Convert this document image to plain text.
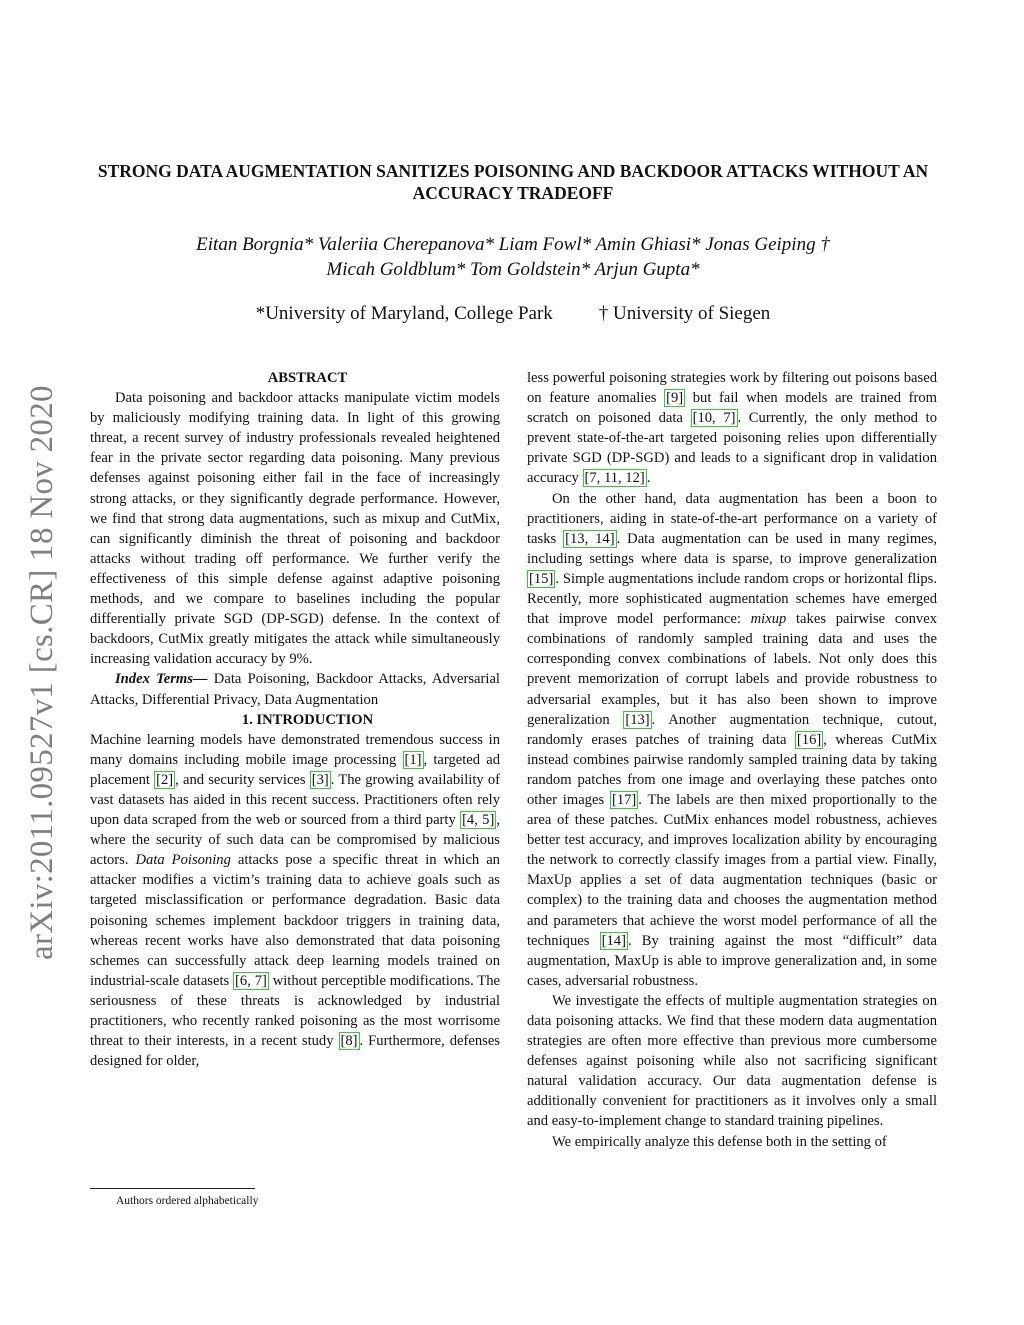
arXiv:2011.09527v1 [cs.CR] 18 Nov 2020
STRONG DATA AUGMENTATION SANITIZES POISONING AND BACKDOOR ATTACKS WITHOUT AN ACCURACY TRADEOFF
Eitan Borgnia* Valeriia Cherepanova* Liam Fowl* Amin Ghiasi* Jonas Geiping †
Micah Goldblum* Tom Goldstein* Arjun Gupta*
*University of Maryland, College Park † University of Siegen

ABSTRACT

Data poisoning and backdoor attacks manipulate victim models by maliciously modifying training data. In light of this growing threat, a recent survey of industry professionals revealed heightened fear in the private sector regarding data poisoning. Many previous defenses against poisoning either fail in the face of increasingly strong attacks, or they significantly degrade performance. However, we find that strong data augmentations, such as mixup and CutMix, can significantly diminish the threat of poisoning and backdoor attacks without trading off performance. We further verify the effectiveness of this simple defense against adaptive poisoning methods, and we compare to baselines including the popular differentially private SGD (DP-SGD) defense. In the context of backdoors, CutMix greatly mitigates the attack while simultaneously increasing validation accuracy by 9%.

Index Terms— Data Poisoning, Backdoor Attacks, Adversarial Attacks, Differential Privacy, Data Augmentation

1. INTRODUCTION

Machine learning models have demonstrated tremendous success in many domains including mobile image processing [1] , targeted ad placement [2] , and security services [3] . The growing availability of vast datasets has aided in this recent success. Practitioners often rely upon data scraped from the web or sourced from a third party [4, 5] , where the security of such data can be compromised by malicious actors. Data Poisoning attacks pose a specific threat in which an attacker modifies a victim’s training data to achieve goals such as targeted misclassification or performance degradation. Basic data poisoning schemes implement backdoor triggers in training data, whereas recent works have also demonstrated that data poisoning schemes can successfully attack deep learning models trained on industrial-scale datasets [6, 7] without perceptible modifications. The seriousness of these threats is acknowledged by industrial practitioners, who recently ranked poisoning as the most worrisome threat to their interests, in a recent study [8] . Furthermore, defenses designed for older,

less powerful poisoning strategies work by filtering out poisons based on feature anomalies [9] but fail when models are trained from scratch on poisoned data [10, 7] . Currently, the only method to prevent state-of-the-art targeted poisoning relies upon differentially private SGD (DP-SGD) and leads to a significant drop in validation accuracy [7, 11, 12] .

On the other hand, data augmentation has been a boon to practitioners, aiding in state-of-the-art performance on a variety of tasks [13, 14] . Data augmentation can be used in many regimes, including settings where data is sparse, to improve generalization [15] . Simple augmentations include random crops or horizontal flips. Recently, more sophisticated augmentation schemes have emerged that improve model performance: mixup takes pairwise convex combinations of randomly sampled training data and uses the corresponding convex combinations of labels. Not only does this prevent memorization of corrupt labels and provide robustness to adversarial examples, but it has also been shown to improve generalization [13] . Another augmentation technique, cutout, randomly erases patches of training data [16] , whereas CutMix instead combines pairwise randomly sampled training data by taking random patches from one image and overlaying these patches onto other images [17] . The labels are then mixed proportionally to the area of these patches. CutMix enhances model robustness, achieves better test accuracy, and improves localization ability by encouraging the network to correctly classify images from a partial view. Finally, MaxUp applies a set of data augmentation techniques (basic or complex) to the training data and chooses the augmentation method and parameters that achieve the worst model performance of all the techniques [14] . By training against the most “difficult” data augmentation, MaxUp is able to improve generalization and, in some cases, adversarial robustness.

We investigate the effects of multiple augmentation strategies on data poisoning attacks. We find that these modern data augmentation strategies are often more effective than previous more cumbersome defenses against poisoning while also not sacrificing significant natural validation accuracy. Our data augmentation defense is additionally convenient for practitioners as it involves only a small and easy-to-implement change to standard training pipelines.

We empirically analyze this defense both in the setting of

Authors ordered alphabetically
